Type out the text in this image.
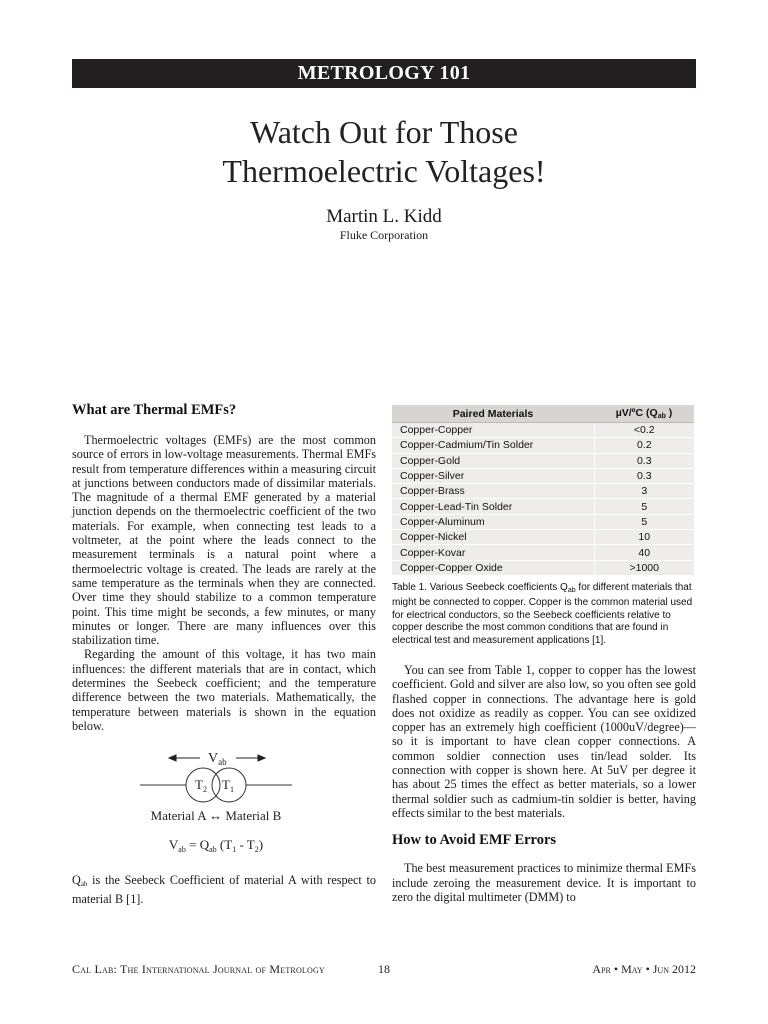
METROLOGY 101
Watch Out for Those
Thermoelectric Voltages!
Martin L. Kidd
Fluke Corporation
What are Thermal EMFs?

Thermoelectric voltages (EMFs) are the most common source of errors in low-voltage measurements. Thermal EMFs result from temperature differences within a measuring circuit at junctions between conductors made of dissimilar materials. The magnitude of a thermal EMF generated by a material junction depends on the thermoelectric coefficient of the two materials. For example, when connecting test leads to a voltmeter, at the point where the leads connect to the measurement terminals is a natural point where a thermoelectric voltage is created. The leads are rarely at the same temperature as the terminals when they are connected. Over time they should stabilize to a common temperature point. This time might be seconds, a few minutes, or many minutes or longer. There are many influences over this stabilization time.

Regarding the amount of this voltage, it has two main influences: the different materials that are in contact, which determines the Seebeck coefficient; and the temperature difference between the two materials. Mathematically, the temperature between materials is shown in the equation below.

$V_{ab}$
$T_2$ $T_1$
Material A ↔ Material B
$V_{ab} = Q_{ab}$ $(T_1 - T_2)$

$Q_{ab}$ is the Seebeck Coefficient of material A with respect to material B [1].

Paired Materials	µV/ºC ($Q_{ab}$ )
Copper-Copper	<0.2
Copper-Cadmium/Tin Solder	0.2
Copper-Gold	0.3
Copper-Silver	0.3
Copper-Brass	3
Copper-Lead-Tin Solder	5
Copper-Aluminum	5
Copper-Nickel	10
Copper-Kovar	40
Copper-Copper Oxide	>1000

Table 1. Various Seebeck coefficients $Q_{ab}$ for different materials that might be connected to copper. Copper is the common material used for electrical conductors, so the Seebeck coefficients relative to copper describe the most common conditions that are found in electrical test and measurement applications [1].

You can see from Table 1, copper to copper has the lowest coefficient. Gold and silver are also low, so you often see gold flashed copper in connections. The advantage here is gold does not oxidize as readily as copper. You can see oxidized copper has an extremely high coefficient (1000uV/degree)—so it is important to have clean copper connections. A common soldier connection uses tin/lead solder. Its connection with copper is shown here. At 5uV per degree it has about 25 times the effect as better materials, so a lower thermal soldier such as cadmium-tin soldier is better, having effects similar to the best materials.

How to Avoid EMF Errors

The best measurement practices to minimize thermal EMFs include zeroing the measurement device. It is important to zero the digital multimeter (DMM) to

Cal Lab: The International Journal of Metrology	18	Apr • May • Jun 2012
